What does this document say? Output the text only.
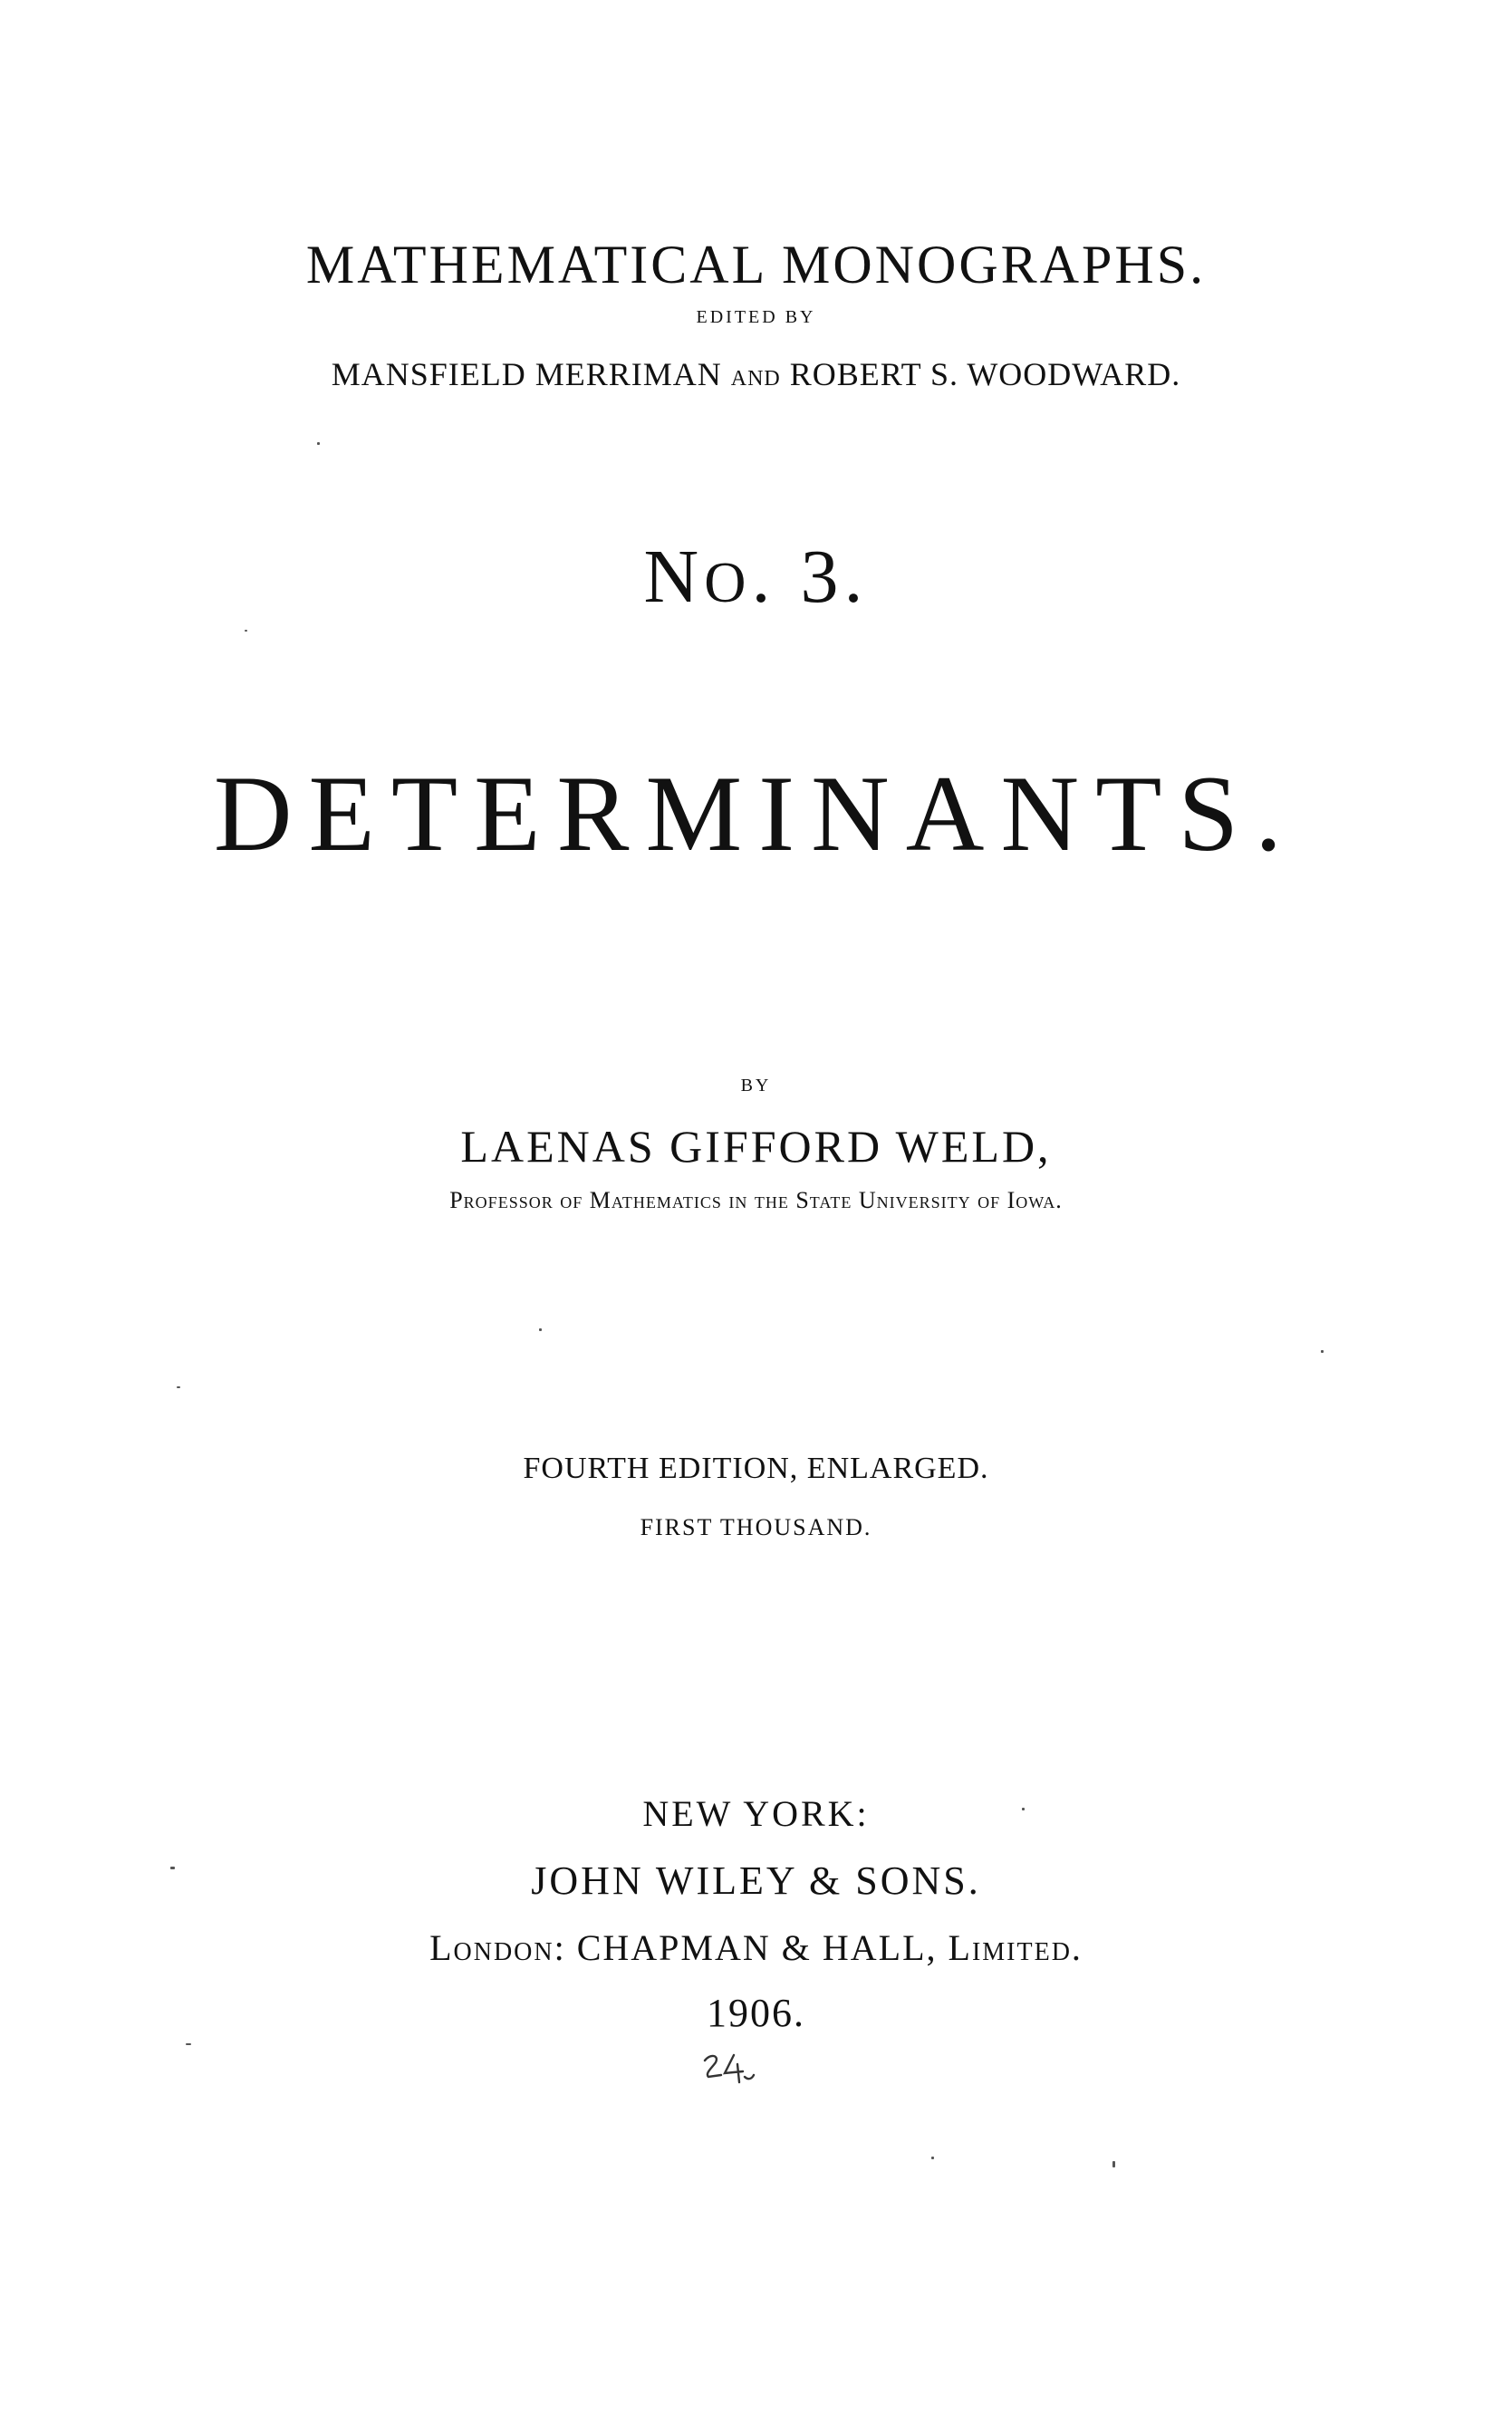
MATHEMATICAL MONOGRAPHS.

EDITED BY

MANSFIELD MERRIMAN AND ROBERT S. WOODWARD.

NO. 3.

DETERMINANTS.

BY

LAENAS GIFFORD WELD,

Professor of Mathematics in the State University of Iowa.

FOURTH EDITION, ENLARGED.

FIRST THOUSAND.

NEW YORK:

JOHN WILEY & SONS.

London: CHAPMAN & HALL, Limited.

1906.
